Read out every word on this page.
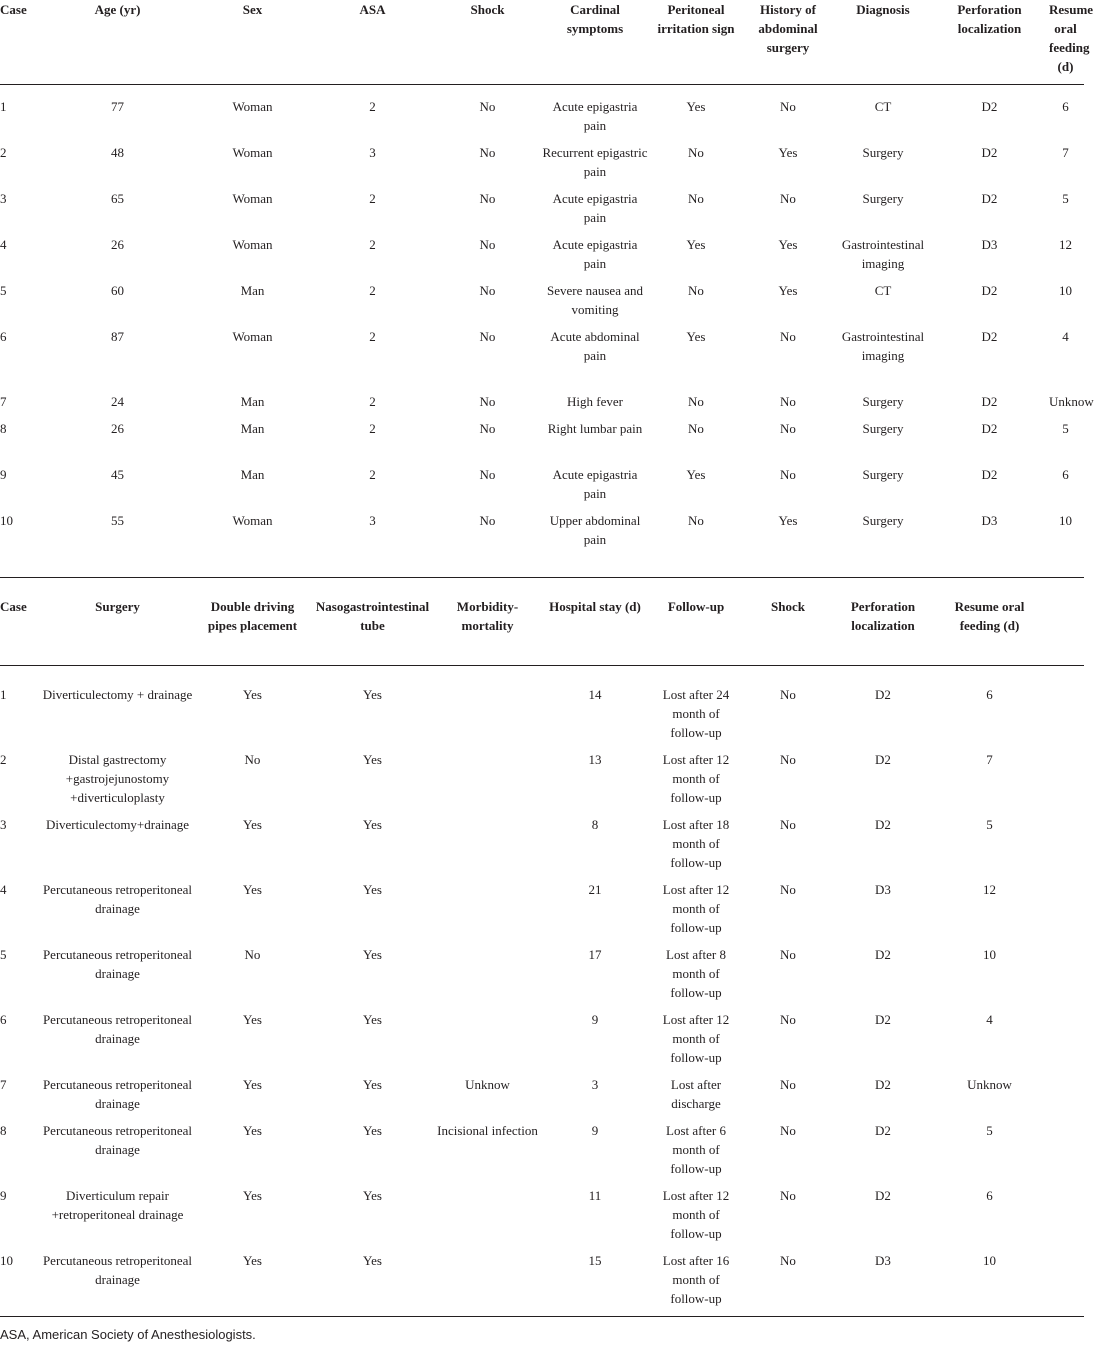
Case	Age (yr)	Sex	ASA	Shock	Cardinal symptoms	Peritoneal irritation sign	History of abdominal surgery	Diagnosis	Perforation localization	Resume oral feeding (d)
1	77	Woman	2	No	Acute epigastria pain	Yes	No	CT	D2	6
2	48	Woman	3	No	Recurrent epigastric pain	No	Yes	Surgery	D2	7
3	65	Woman	2	No	Acute epigastria pain	No	No	Surgery	D2	5
4	26	Woman	2	No	Acute epigastria pain	Yes	Yes	Gastrointestinal imaging	D3	12
5	60	Man	2	No	Severe nausea and vomiting	No	Yes	CT	D2	10
6	87	Woman	2	No	Acute abdominal pain	Yes	No	Gastrointestinal imaging	D2	4
7	24	Man	2	No	High fever	No	No	Surgery	D2	Unknow
8	26	Man	2	No	Right lumbar pain	No	No	Surgery	D2	5
9	45	Man	2	No	Acute epigastria pain	Yes	No	Surgery	D2	6
10	55	Woman	3	No	Upper abdominal pain	No	Yes	Surgery	D3	10
Case	Surgery	Double driving pipes placement	Nasogastrointestinal tube	Morbidity-mortality	Hospital stay (d)	Follow-up	Shock	Perforation localization	Resume oral feeding (d)	
1	Diverticulectomy + drainage	Yes	Yes		14	Lost after 24 month of follow-up	No	D2	6	
2	Distal gastrectomy +gastrojejunostomy +diverticuloplasty	No	Yes		13	Lost after 12 month of follow-up	No	D2	7	
3	Diverticulectomy+drainage	Yes	Yes		8	Lost after 18 month of follow-up	No	D2	5	
4	Percutaneous retroperitoneal drainage	Yes	Yes		21	Lost after 12 month of follow-up	No	D3	12	
5	Percutaneous retroperitoneal drainage	No	Yes		17	Lost after 8 month of follow-up	No	D2	10	
6	Percutaneous retroperitoneal drainage	Yes	Yes		9	Lost after 12 month of follow-up	No	D2	4	
7	Percutaneous retroperitoneal drainage	Yes	Yes	Unknow	3	Lost after discharge	No	D2	Unknow	
8	Percutaneous retroperitoneal drainage	Yes	Yes	Incisional infection	9	Lost after 6 month of follow-up	No	D2	5	
9	Diverticulum repair +retroperitoneal drainage	Yes	Yes		11	Lost after 12 month of follow-up	No	D2	6	
10	Percutaneous retroperitoneal drainage	Yes	Yes		15	Lost after 16 month of follow-up	No	D3	10	
ASA, American Society of Anesthesiologists.
